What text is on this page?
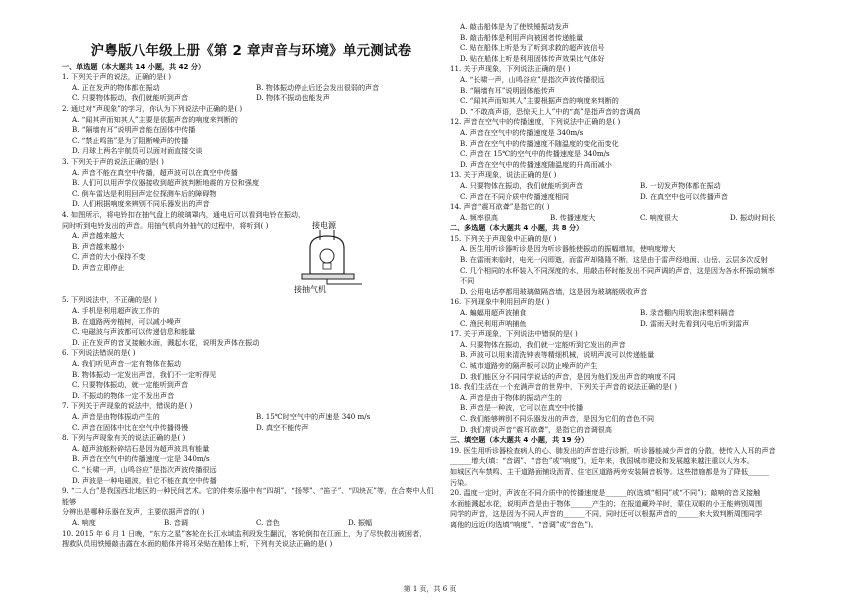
沪粤版八年级上册《第 2 章声音与环境》单元测试卷
一、单选题（本大题共 14 小题，共 42 分）
1. 下列关于声的说法，正确的是( )
A. 正在发声的物体都在振动	B. 物体振动停止后还会发出很弱的声音
C. 只要物体振动，我们就能听到声音	D. 物体不振动也能发声
2. 通过对“声现象”的学习，你认为下列说法中正确的是( )
A. “闻其声而知其人”主要是依据声音的响度来判断的
B. “隔墙有耳”说明声音能在固体中传播
C. “禁止鸣笛”是为了阻断噪声的传播
D. 月球上两名宇航员可以面对面直接交谈
3. 下列关于声的说法正确的是( )
A. 声音不能在真空中传播，超声波可以在真空中传播
B. 人们可以用声学仪器接收到超声波判断地震的方位和强度
C. 倒车雷达是利用回声定位探测车后的障碍物
D. 人们根据响度来辨别不同乐器发出的声音
4. 如图所示，将电铃扣在抽气盘上的玻璃罩内，通电后可以看到电铃在振动，
同时听到电铃发出的声音。用抽气机向外抽气的过程中，将听到( )
A. 声音越来越大
B. 声音越来越小
C. 声音的大小保持不变
D. 声音立即停止
5. 下列说法中，不正确的是( )
A. 手机是利用超声波工作的
B. 在道路两旁植树，可以减小噪声
C. 电磁波与声波都可以传递信息和能量
D. 正在发声的音叉接触水面，溅起水花，说明发声体在振动
6. 下列说法错误的是( )
A. 我们听见声音一定有物体在振动
B. 物体振动一定发出声音，我们不一定听得见
C. 只要物体振动，就一定能听到声音
D. 不振动的物体一定不发出声音
7. 下列关于声现象的说法中，错误的是( )
A. 声音是由物体振动产生的	B. 15℃时空气中的声速是 340 m/s
C. 声音在固体中比在空气中传播得慢	D. 真空不能传声
8. 下列与声现象有关的说法正确的是( )
A. 超声波能粉碎结石是因为超声波具有能量
B. 声音在空气中的传播速度一定是 340m/s
C. “长啸一声，山鸣谷应”是指次声波传播很远
D. 声波是一种电磁波，但它不能在真空中传播
9. “二人台”是我国西北地区的一种民间艺术。它的伴奏乐器中有“四胡”、“扬琴”、“笛子”、“四块瓦”等，在合奏中人们能够
分辨出是哪种乐器在发声，主要依据声音的( )
A. 响度	B. 音调	C. 音色	D. 振幅
10. 2015 年 6 月 1 日晚，“东方之星”客轮在长江水域监利段发生翻沉，客轮倒扣在江面上，为了尽快救出被困者，
搜救队员用铁锤敲击露在水面的船体并将耳朵贴在船体上听，下列有关说法正确的是( )
A. 敲击船体是为了使铁锤振动发声
B. 敲击船体是利用声向被困者传递能量
C. 贴在船体上听是为了听到求救的超声波信号
D. 贴在船体上听是利用固体传声效果比气体好
11. 关于声现象，下列说法正确的是( )
A. “长啸一声，山鸣谷应”是指次声波传播很远
B. “隔墙有耳”说明固体能传声
C. “闻其声而知其人”主要根据声音的响度来判断的
D. “不敢高声语，恐惊天上人”中的“高”是指声音的音调高
12. 声音在空气中的传播速度，下列说法中正确的是( )
A. 声音在空气中的传播速度是 340m/s
B. 声音在空气中的传播速度不随温度的变化而变化
C. 声音在 15℃的空气中的传播速度是 340m/s
D. 声音在空气中的传播速度随温度的升高而减小
13. 关于声现象，说法正确的是( )
A. 只要物体在振动，我们就能听到声音	B. 一切发声物体都在振动
C. 声音在不同介质中传播速度相同	D. 在真空中也可以传播声音
14. 声音“震耳欲聋”是指它的( )
A. 频率很高	B. 传播速度大	C. 响度很大	D. 振动时间长
二、多选题（本大题共 4 小题，共 8 分）
15. 下列关于声现象中正确的是( )
A. 医生用听诊器听诊是因为听诊器能使振动的振幅增加，使响度增大
B. 在雷雨来临时，电光一闪即逝，而雷声却隆隆不断，这是由于雷声经地面、山岳、云层多次反射
C. 几个相同的水杯装入不同深度的水，用敲击杯时能发出不同声调的声音，这是因为各水杯振动频率
不同
D. 公用电话亭都用玻璃做隔音墙，这是因为玻璃能吸收声音
16. 下列现象中利用回声的是( )
A. 蝙蝠用超声波捕食	B. 录音棚内用软泡沫塑料隔音
C. 渔民利用声呐捕鱼	D. 雷雨天时先看到闪电后听到雷声
17. 关于声现象，下列说法中错误的是( )
A. 只要物体在振动，我们就一定能听到它发出的声音
B. 声波可以用来清洗钟表等精细机械，说明声波可以传递能量
C. 城市道路旁的隔声板可以防止噪声的产生
D. 我们能区分不同同学说话的声音，是因为他们发出声音的响度不同
18. 我们生活在一个充满声音的世界中，下列关于声音的说法正确的是( )
A. 声音是由于物体的振动产生的
B. 声音是一种波，它可以在真空中传播
C. 我们能够辨别不同乐器发出的声音，是因为它们的音色不同
D. 我们常说声音“震耳欲聋”，是指它的音调很高
三、填空题（本大题共 4 小题，共 19 分）
19. 医生用听诊器检查病人的心、肺发出的声音进行诊断，听诊器能减少声音的分散，使传入人耳的声音
______增大(填：“音调”、“音色”或“响度”)，近年来，我国城市建设和发展越来越注重以人为本。
如城区汽车禁鸣、主干道路面铺设沥青、住宅区道路两旁安装隔音板等。这些措施都是为了降低______
污染。
20. 温度一定时，声波在不同介质中的传播速度是______的(选填“相同”或“不同”)；敲响的音叉接触
水面能溅起水花，说明声音是由于物体______产生的；在报道藏羚羊时，蒙住双眼的小王能辨别周围
同学的声音，这是因为不同人声音的______不同，同时还可以根据声音的______来大致判断周围同学
离他的远近(均选填“响度”、“音调”或“音色”)。
接电源
接抽气机
第 1 页，共 6 页
